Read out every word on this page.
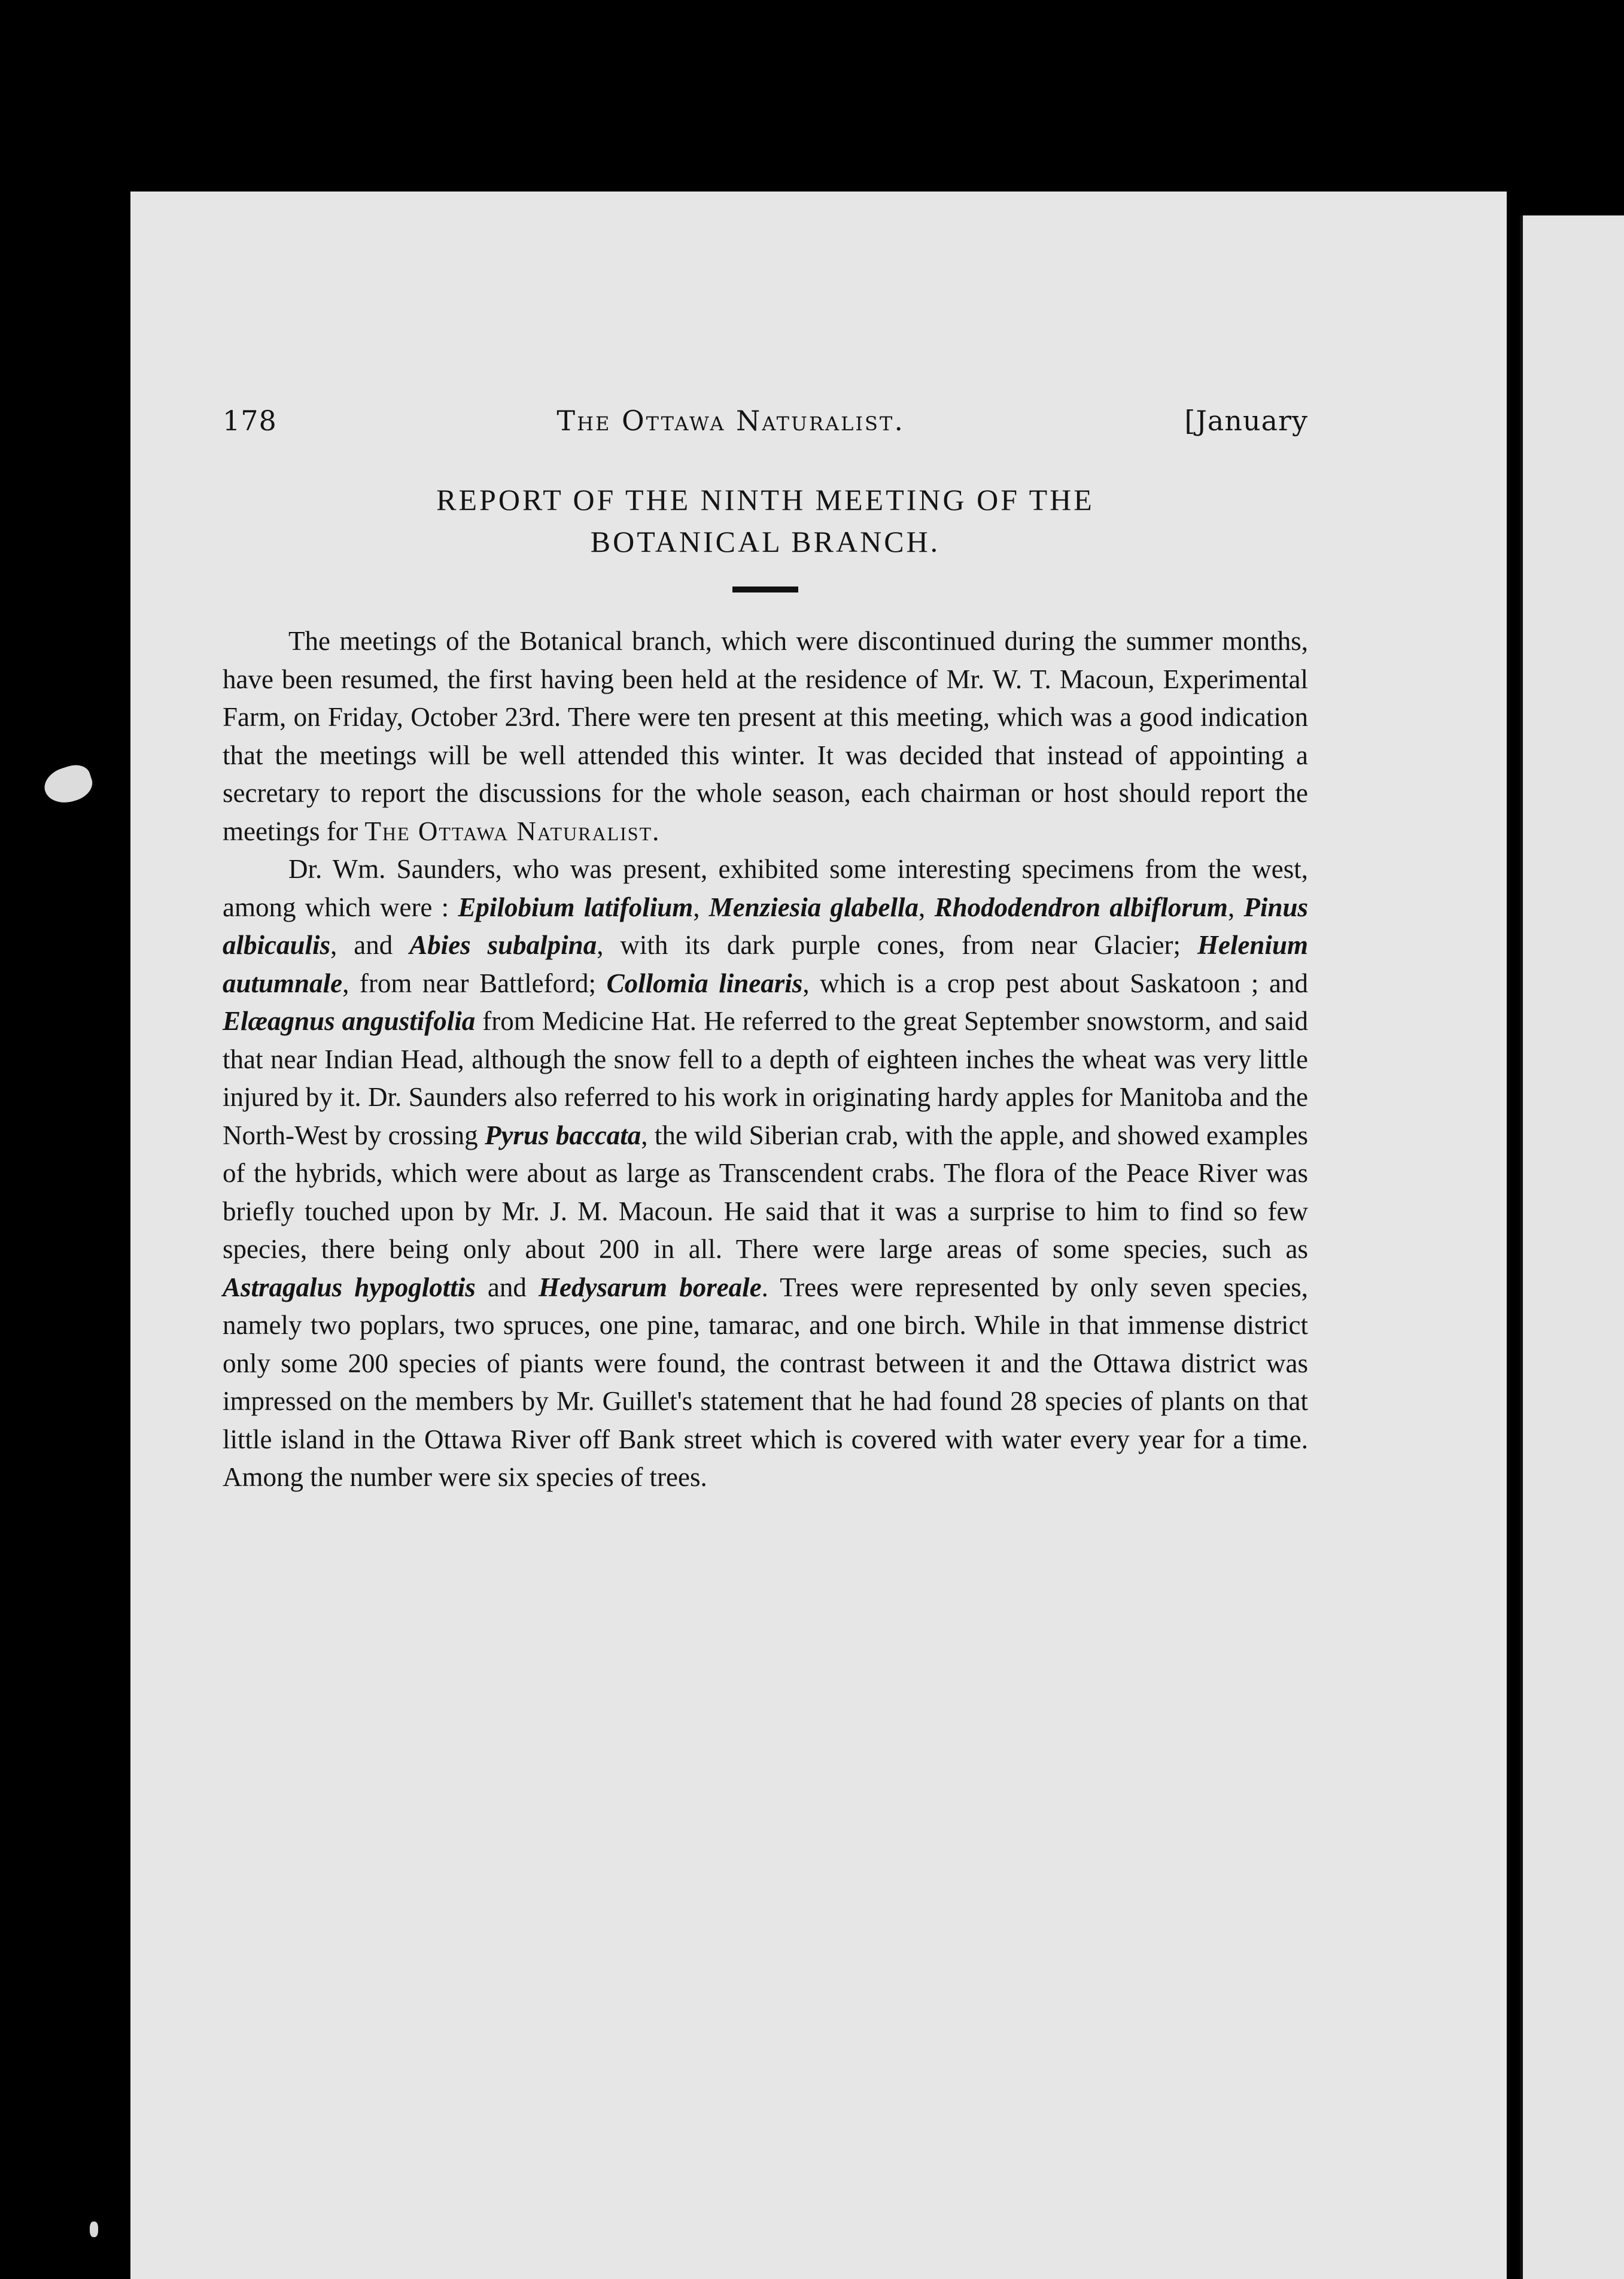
178	The Ottawa Naturalist.	[January
REPORT OF THE NINTH MEETING OF THE
BOTANICAL BRANCH.

The meetings of the Botanical branch, which were discontinued during the summer months, have been resumed, the first having been held at the residence of Mr. W. T. Macoun, Experimental Farm, on Friday, October 23rd. There were ten present at this meeting, which was a good indication that the meetings will be well attended this winter. It was decided that instead of appointing a secretary to report the discussions for the whole season, each chairman or host should report the meetings for The Ottawa Naturalist.

Dr. Wm. Saunders, who was present, exhibited some interesting specimens from the west, among which were : Epilobium latifolium, Menziesia glabella, Rhododendron albiflorum, Pinus albicaulis, and Abies subalpina, with its dark purple cones, from near Glacier; Helenium autumnale, from near Battleford; Collomia linearis, which is a crop pest about Saskatoon ; and Elæagnus angustifolia from Medicine Hat. He referred to the great September snowstorm, and said that near Indian Head, although the snow fell to a depth of eighteen inches the wheat was very little injured by it. Dr. Saunders also referred to his work in originating hardy apples for Manitoba and the North-West by crossing Pyrus baccata, the wild Siberian crab, with the apple, and showed examples of the hybrids, which were about as large as Transcendent crabs. The flora of the Peace River was briefly touched upon by Mr. J. M. Macoun. He said that it was a surprise to him to find so few species, there being only about 200 in all. There were large areas of some species, such as Astragalus hypoglottis and Hedysarum boreale. Trees were represented by only seven species, namely two poplars, two spruces, one pine, tamarac, and one birch. While in that immense district only some 200 species of piants were found, the contrast between it and the Ottawa district was impressed on the members by Mr. Guillet's statement that he had found 28 species of plants on that little island in the Ottawa River off Bank street which is covered with water every year for a time. Among the number were six species of trees.
